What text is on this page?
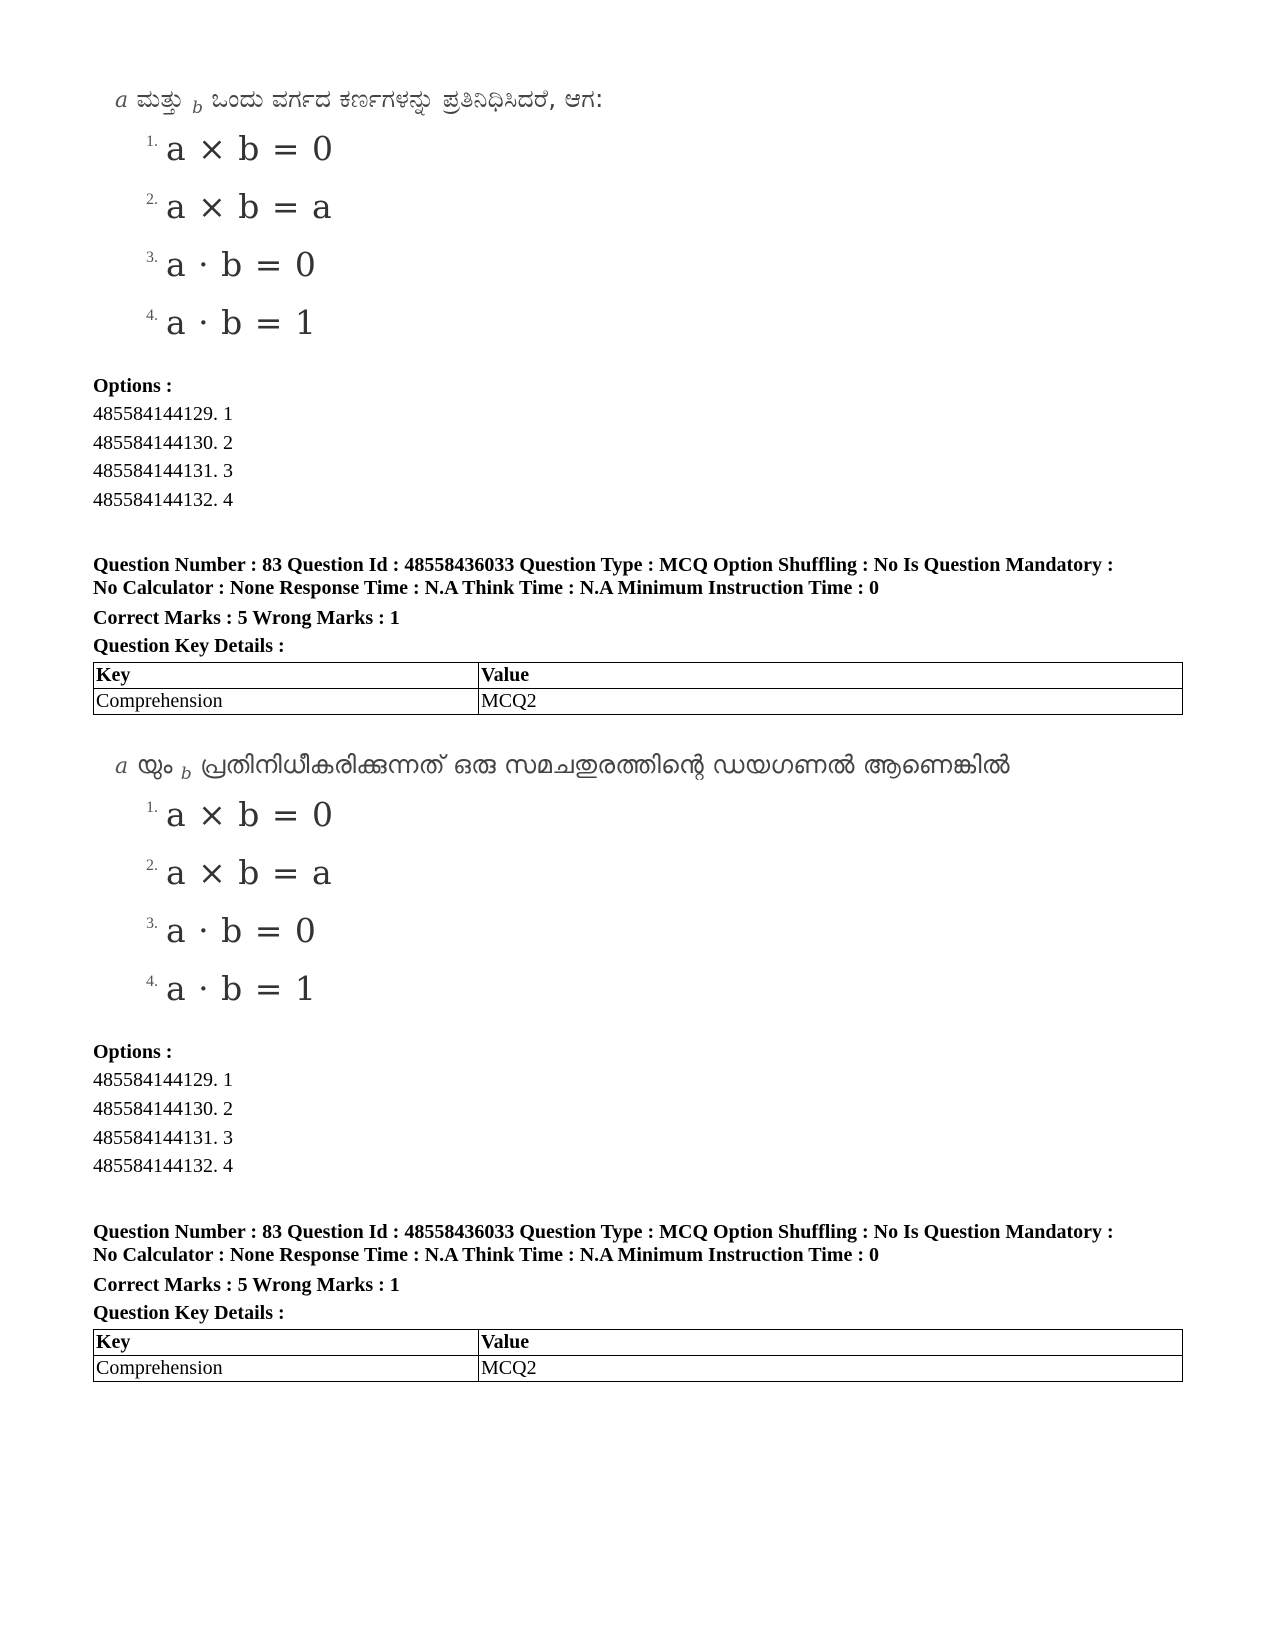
a ಮತ್ತು $_b$ ಒಂದು ವರ್ಗದ ಕರ್ಣಗಳನ್ನು ಪ್ರತಿನಿಧಿಸಿದರೆ, ಆಗ:
1. a × b = 0
2. a × b = a
3. a · b = 0
4. a · b = 1
Options :
485584144129. 1
485584144130. 2
485584144131. 3
485584144132. 4
Question Number : 83 Question Id : 48558436033 Question Type : MCQ Option Shuffling : No Is Question Mandatory :
No Calculator : None Response Time : N.A Think Time : N.A Minimum Instruction Time : 0
Correct Marks : 5 Wrong Marks : 1
Question Key Details :
Key	Value
Comprehension	MCQ2
a യും $_b$ പ്രതിനിധീകരിക്കുന്നത് ഒരു സമചതുരത്തിന്റെ ഡയഗണൽ ആണെങ്കിൽ
1. a × b = 0
2. a × b = a
3. a · b = 0
4. a · b = 1
Options :
485584144129. 1
485584144130. 2
485584144131. 3
485584144132. 4
Question Number : 83 Question Id : 48558436033 Question Type : MCQ Option Shuffling : No Is Question Mandatory :
No Calculator : None Response Time : N.A Think Time : N.A Minimum Instruction Time : 0
Correct Marks : 5 Wrong Marks : 1
Question Key Details :
Key	Value
Comprehension	MCQ2
